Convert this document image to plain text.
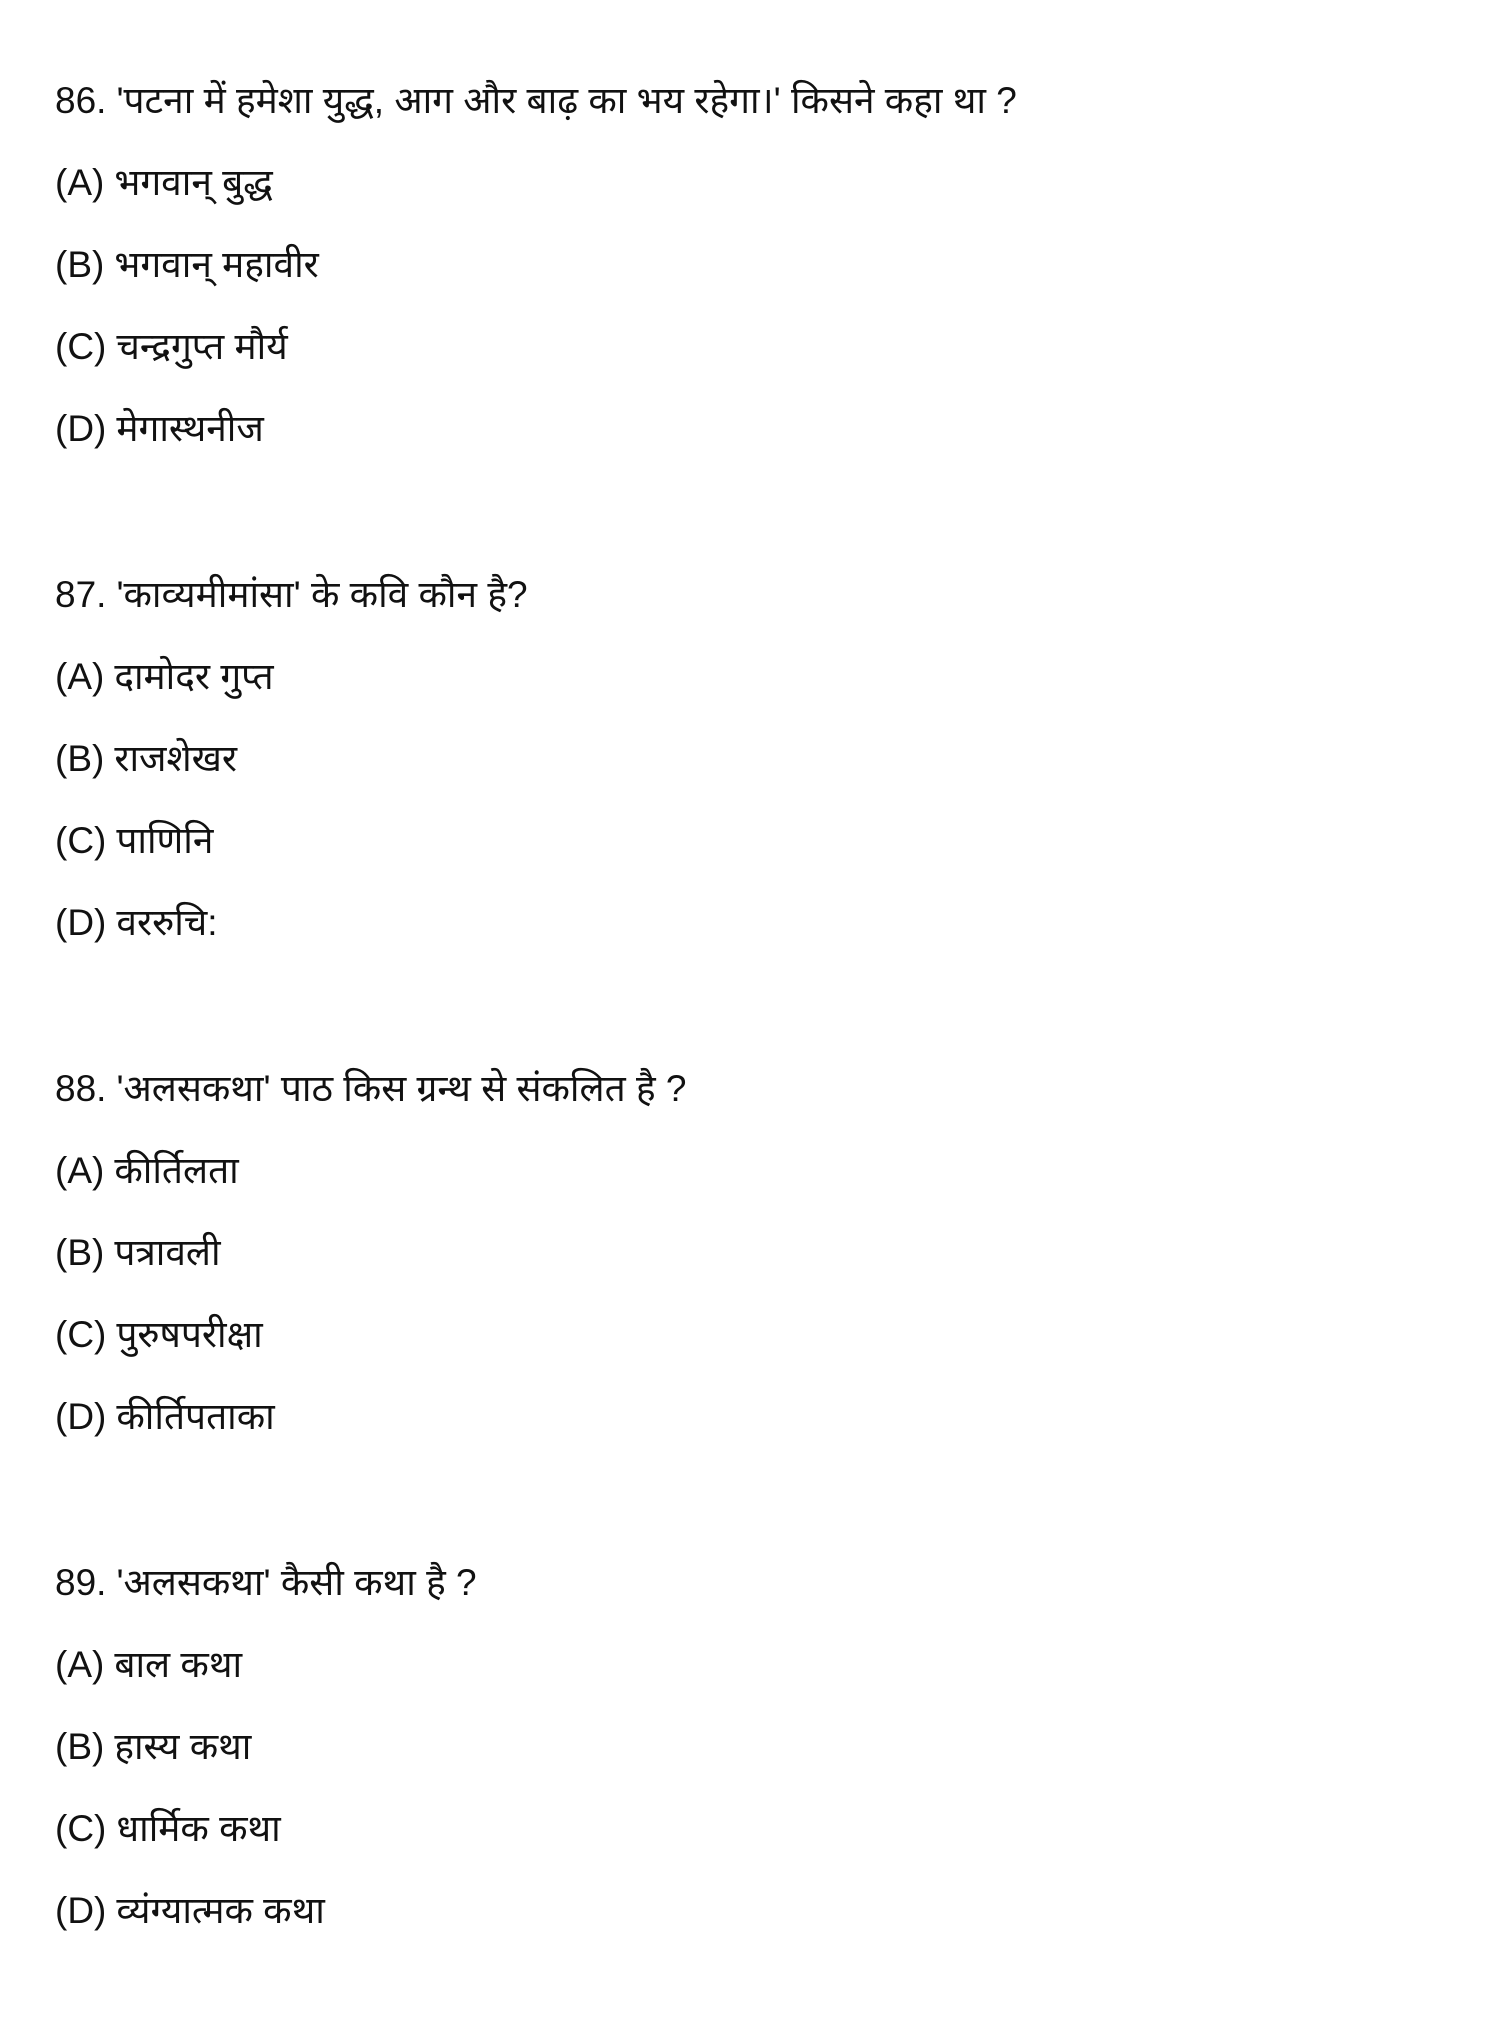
86. 'पटना में हमेशा युद्ध, आग और बाढ़ का भय रहेगा।' किसने कहा था ?
(A) भगवान् बुद्ध
(B) भगवान् महावीर
(C) चन्द्रगुप्त मौर्य
(D) मेगास्थनीज
87. 'काव्यमीमांसा' के कवि कौन है?
(A) दामोदर गुप्त
(B) राजशेखर
(C) पाणिनि
(D) वररुचि:
88. 'अलसकथा' पाठ किस ग्रन्थ से संकलित है ?
(A) कीर्तिलता
(B) पत्रावली
(C) पुरुषपरीक्षा
(D) कीर्तिपताका
89. 'अलसकथा' कैसी कथा है ?
(A) बाल कथा
(B) हास्य कथा
(C) धार्मिक कथा
(D) व्यंग्यात्मक कथा
